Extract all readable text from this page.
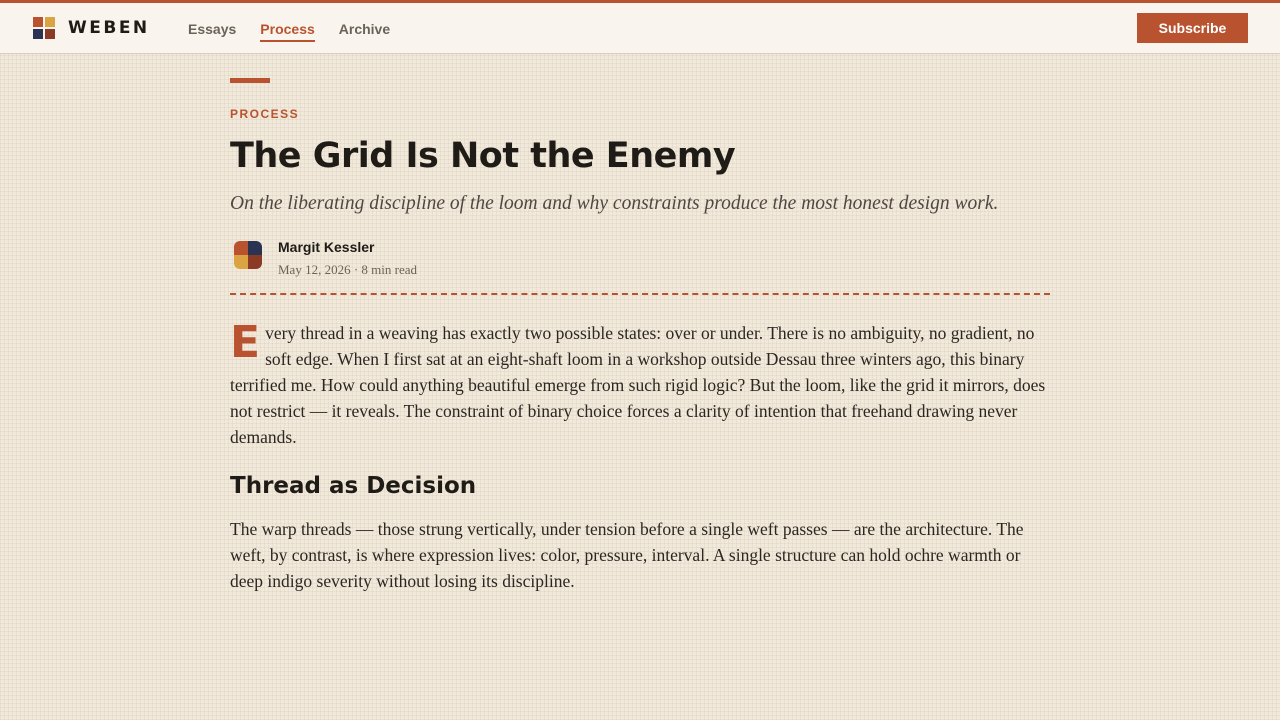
WEBEN	Essays Process Archive	Subscribe
PROCESS
The Grid Is Not the Enemy

On the liberating discipline of the loom and why constraints produce the most honest design work.

Margit Kessler
May 12, 2026 · 8 min read

Every thread in a weaving has exactly two possible states: over or under. There is no ambiguity, no gradient, no soft edge. When I first sat at an eight-shaft loom in a workshop outside Dessau three winters ago, this binary terrified me. How could anything beautiful emerge from such rigid logic? But the loom, like the grid it mirrors, does not restrict — it reveals. The constraint of binary choice forces a clarity of intention that freehand drawing never demands.

Thread as Decision

The warp threads — those strung vertically, under tension before a single weft passes — are the architecture. The weft, by contrast, is where expression lives: color, pressure, interval. A single structure can hold ochre warmth or deep indigo severity without losing its discipline.
